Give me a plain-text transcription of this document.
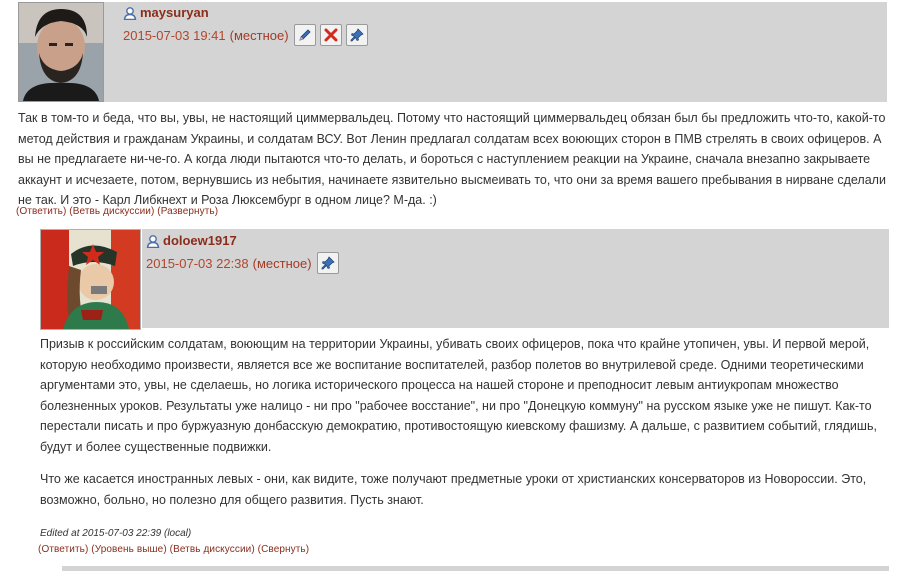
maysuryan
2015-07-03 19:41 (местное)
Так в том-то и беда, что вы, увы, не настоящий циммервальдец. Потому что настоящий циммервальдец обязан был бы предложить что-то, какой-то метод действия и гражданам Украины, и солдатам ВСУ. Вот Ленин предлагал солдатам всех воюющих сторон в ПМВ стрелять в своих офицеров. А вы не предлагаете ни-че-го. А когда люди пытаются что-то делать, и бороться с наступлением реакции на Украине, сначала внезапно закрываете аккаунт и исчезаете, потом, вернувшись из небытия, начинаете язвительно высмеивать то, что они за время вашего пребывания в нирване сделали не так. И это - Карл Либкнехт и Роза Люксембург в одном лице? М-да. :)
(Ответить) (Ветвь дискуссии) (Развернуть)
doloew1917
2015-07-03 22:38 (местное)
Призыв к российским солдатам, воюющим на территории Украины, убивать своих офицеров, пока что крайне утопичен, увы. И первой мерой, которую необходимо произвести, является все же воспитание воспитателей, разбор полетов во внутрилевой среде. Одними теоретическими аргументами это, увы, не сделаешь, но логика исторического процесса на нашей стороне и преподносит левым антиукропам множество болезненных уроков. Результаты уже налицо - ни про "рабочее восстание", ни про "Донецкую коммуну" на русском языке уже не пишут. Как-то перестали писать и про буржуазную донбасскую демократию, противостоящую киевскому фашизму. А дальше, с развитием событий, глядишь, будут и более существенные подвижки.
Что же касается иностранных левых - они, как видите, тоже получают предметные уроки от христианских консерваторов из Новороссии. Это, возможно, больно, но полезно для общего развития. Пусть знают.
Edited at 2015-07-03 22:39 (local)
(Ответить) (Уровень выше) (Ветвь дискуссии) (Свернуть)
